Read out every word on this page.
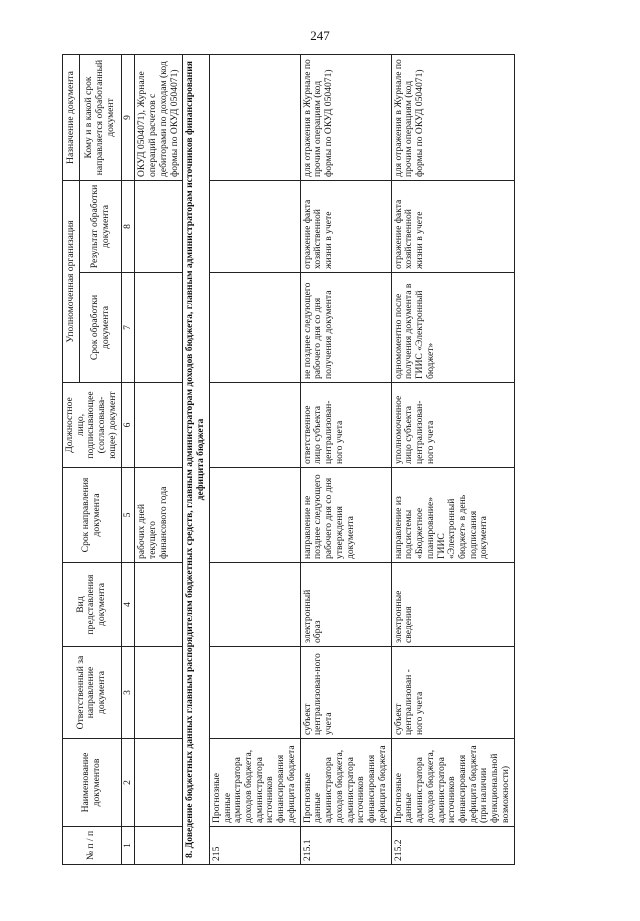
247
№ п / п	Наименование документов	Ответственный за направление документа	Вид представления документа	Срок направления документа	Должностное лицо, подписывающее (согласовыва-ющее) документ	Уполномоченная организация		Назначение документа
						Срок обработки документа	Результат обработки документа	Кому и в какой срок направляется обработанный документ
1	2	3	4	5	6	7	8	9
				рабочих дней текущего финансового года				ОКУД 0504071), Журнале операций расчетов с дебиторами по доходам (код формы по ОКУД 0504071)
8. Доведение бюджетных данных главным распорядителям бюджетных средств, главным администраторам доходов бюджета, главным администраторам источников финансирования дефицита бюджета								
215	Прогнозные данные администратора доходов бюджета, администратора источников финансирования дефицита бюджета							
215.1	Прогнозные данные администратора доходов бюджета, администратора источников финансирования дефицита бюджета	субъект централизован-ного учета	электронный образ	направление не позднее следующего рабочего дня со дня утверждения документа	ответственное лицо субъекта централизован-ного учета	не позднее следующего рабочего дня со дня получения документа	отражение факта хозяйственной жизни в учете	для отражения в Журнале по прочим операциям (код формы по ОКУД 0504071)
215.2	Прогнозные данные администратора доходов бюджета, администратора источников финансирования дефицита бюджета (при наличии функциональной возможности)	субъект централизован - ного учета	электронные сведения	направление из подсистемы «Бюджетное планирование» ГИИС «Электронный бюджет» в день подписания документа	уполномоченное лицо субъекта централизован-ного учета	одномоментно после получения документа в ГИИС «Электронный бюджет»	отражение факта хозяйственной жизни в учете	для отражения в Журнале по прочим операциям (код формы по ОКУД 0504071)
